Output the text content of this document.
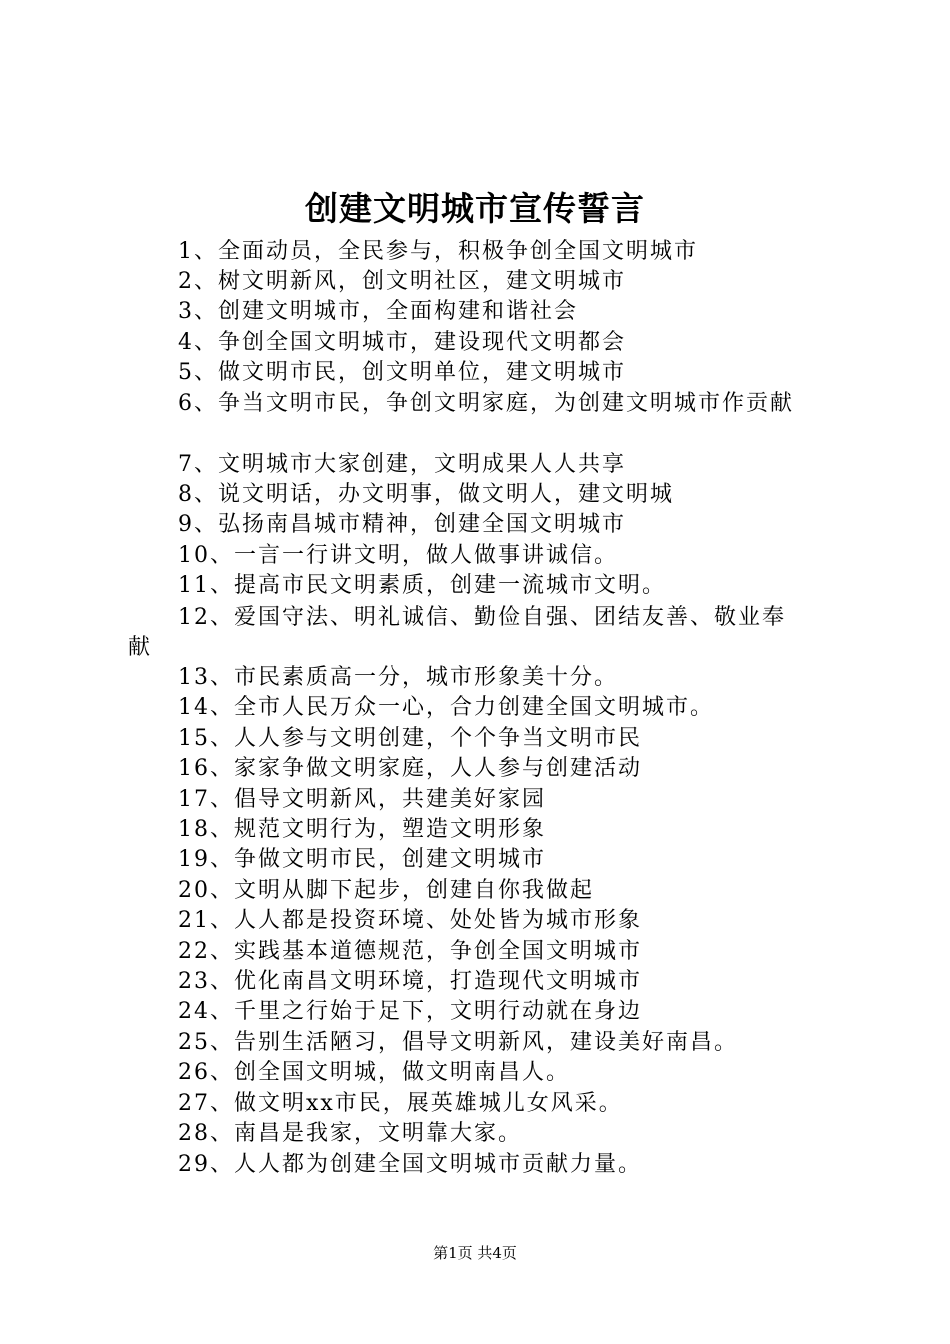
创建文明城市宣传誓言
1、全面动员，全民参与，积极争创全国文明城市
2、树文明新风，创文明社区，建文明城市
3、创建文明城市，全面构建和谐社会
4、争创全国文明城市，建设现代文明都会
5、做文明市民，创文明单位，建文明城市
6、争当文明市民，争创文明家庭，为创建文明城市作贡献
7、文明城市大家创建，文明成果人人共享
8、说文明话，办文明事，做文明人，建文明城
9、弘扬南昌城市精神，创建全国文明城市
10、一言一行讲文明，做人做事讲诚信。
11、提高市民文明素质，创建一流城市文明。
12、爱国守法、明礼诚信、勤俭自强、团结友善、敬业奉
献
13、市民素质高一分，城市形象美十分。
14、全市人民万众一心，合力创建全国文明城市。
15、人人参与文明创建，个个争当文明市民
16、家家争做文明家庭，人人参与创建活动
17、倡导文明新风，共建美好家园
18、规范文明行为，塑造文明形象
19、争做文明市民，创建文明城市
20、文明从脚下起步，创建自你我做起
21、人人都是投资环境、处处皆为城市形象
22、实践基本道德规范，争创全国文明城市
23、优化南昌文明环境，打造现代文明城市
24、千里之行始于足下，文明行动就在身边
25、告别生活陋习，倡导文明新风，建设美好南昌。
26、创全国文明城，做文明南昌人。
27、做文明xx市民，展英雄城儿女风采。
28、南昌是我家，文明靠大家。
29、人人都为创建全国文明城市贡献力量。
第1页 共4页
